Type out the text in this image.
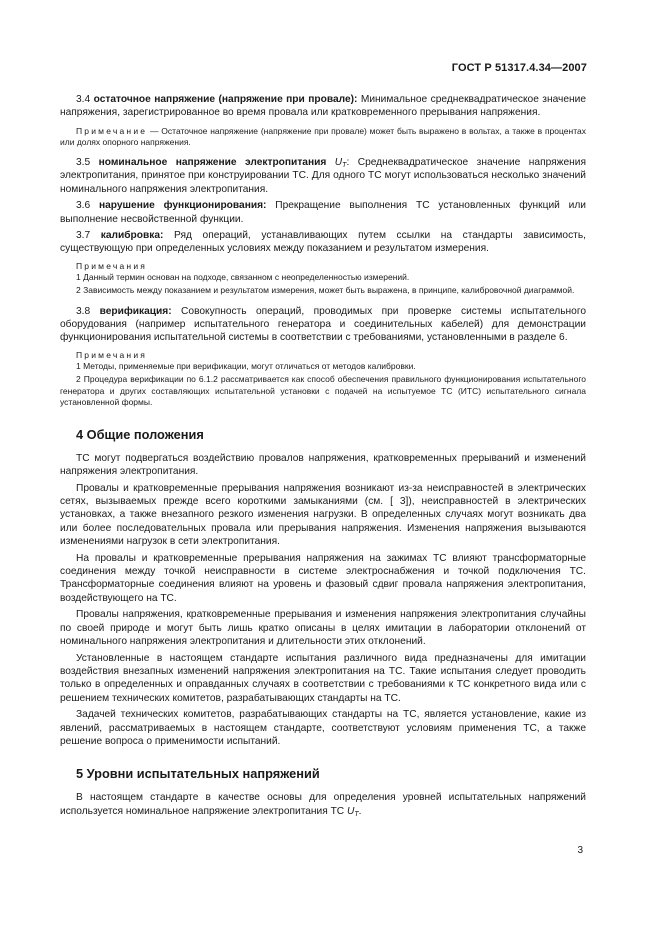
ГОСТ Р 51317.4.34—2007

3.4 остаточное напряжение (напряжение при провале): Минимальное среднеквадратическое значение напряжения, зарегистрированное во время провала или кратковременного прерывания напряжения.

Примечание — Остаточное напряжение (напряжение при провале) может быть выражено в вольтах, а также в процентах или долях опорного напряжения.

3.5 номинальное напряжение электропитания $U_T$: Среднеквадратическое значение напряжения электропитания, принятое при конструировании ТС. Для одного ТС могут использоваться несколько значений номинального напряжения электропитания.

3.6 нарушение функционирования: Прекращение выполнения ТС установленных функций или выполнение несвойственной функции.

3.7 калибровка: Ряд операций, устанавливающих путем ссылки на стандарты зависимость, существующую при определенных условиях между показанием и результатом измерения.

Примечания

1 Данный термин основан на подходе, связанном с неопределенностью измерений.

2 Зависимость между показанием и результатом измерения, может быть выражена, в принципе, калибровочной диаграммой.

3.8 верификация: Совокупность операций, проводимых при проверке системы испытательного оборудования (например испытательного генератора и соединительных кабелей) для демонстрации функционирования испытательной системы в соответствии с требованиями, установленными в разделе 6.

Примечания

1 Методы, применяемые при верификации, могут отличаться от методов калибровки.

2 Процедура верификации по 6.1.2 рассматривается как способ обеспечения правильного функционирования испытательного генератора и других составляющих испытательной установки с подачей на испытуемое ТС (ИТС) испытательного сигнала установленной формы.

4 Общие положения

ТС могут подвергаться воздействию провалов напряжения, кратковременных прерываний и изменений напряжения электропитания.

Провалы и кратковременные прерывания напряжения возникают из-за неисправностей в электрических сетях, вызываемых прежде всего короткими замыканиями (см. [ 3]), неисправностей в электрических установках, а также внезапного резкого изменения нагрузки. В определенных случаях могут возникать два или более последовательных провала или прерывания напряжения. Изменения напряжения вызываются изменениями нагрузок в сети электропитания.

На провалы и кратковременные прерывания напряжения на зажимах ТС влияют трансформаторные соединения между точкой неисправности в системе электроснабжения и точкой подключения ТС. Трансформаторные соединения влияют на уровень и фазовый сдвиг провала напряжения электропитания, воздействующего на ТС.

Провалы напряжения, кратковременные прерывания и изменения напряжения электропитания случайны по своей природе и могут быть лишь кратко описаны в целях имитации в лаборатории отклонений от номинального напряжения электропитания и длительности этих отклонений.

Установленные в настоящем стандарте испытания различного вида предназначены для имитации воздействия внезапных изменений напряжения электропитания на ТС. Такие испытания следует проводить только в определенных и оправданных случаях в соответствии с требованиями к ТС конкретного вида или с решением технических комитетов, разрабатывающих стандарты на ТС.

Задачей технических комитетов, разрабатывающих стандарты на ТС, является установление, какие из явлений, рассматриваемых в настоящем стандарте, соответствуют условиям применения ТС, а также решение вопроса о применимости испытаний.

5 Уровни испытательных напряжений

В настоящем стандарте в качестве основы для определения уровней испытательных напряжений используется номинальное напряжение электропитания ТС $U_T$.

3
